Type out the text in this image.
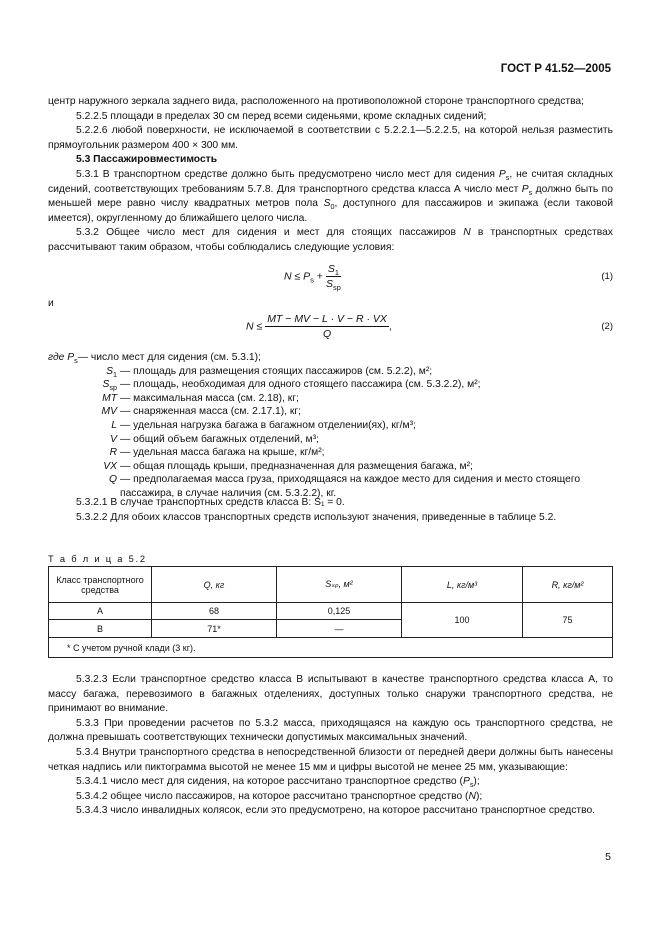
ГОСТ Р 41.52—2005

центр наружного зеркала заднего вида, расположенного на противоположной стороне транспортного средства;

5.2.2.5 площади в пределах 30 см перед всеми сиденьями, кроме складных сидений;

5.2.2.6 любой поверхности, не исключаемой в соответствии с 5.2.2.1—5.2.2.5, на которой нельзя разместить прямоугольник размером 400 × 300 мм.

5.3 Пассажировместимость

5.3.1 В транспортном средстве должно быть предусмотрено число мест для сидения $P_s$, не считая складных сидений, соответствующих требованиям 5.7.8. Для транспортного средства класса А число мест $P_s$ должно быть по меньшей мере равно числу квадратных метров пола $S_0$, доступного для пассажиров и экипажа (если таковой имеется), округленному до ближайшего целого числа.

5.3.2 Общее число мест для сидения и мест для стоящих пассажиров N в транспортных средствах рассчитывают таким образом, чтобы соблюдались следующие условия:

$N \le P_s + \frac{S_1}{S_{sp}}$	(1)
и
$N \le \frac{MT - MV - L \cdot V - R \cdot VX}{Q}$ ,	(2)
где $P_s$ — число мест для сидения (см. 5.3.1);
$S_1$ — площадь для размещения стоящих пассажиров (см. 5.2.2), м²;
$S_{sp}$ — площадь, необходимая для одного стоящего пассажира (см. 5.3.2.2), м²;
MT — максимальная масса (см. 2.18), кг;
MV — снаряженная масса (см. 2.17.1), кг;
L — удельная нагрузка багажа в багажном отделении(ях), кг/м³;
V — общий объем багажных отделений, м³;
R — удельная масса багажа на крыше, кг/м²;
VX — общая площадь крыши, предназначенная для размещения багажа, м²;
Q — предполагаемая масса груза, приходящаяся на каждое место для сидения и место стоящего пассажира, в случае наличия (см. 5.3.2.2), кг.

5.3.2.1 В случае транспортных средств класса В: S₁ = 0.

5.3.2.2 Для обоих классов транспортных средств используют значения, приведенные в таблице 5.2.

Т а б л и ц а 5.2
Класс транспортного средства	Q, кг	Sₛₚ, м²	L, кг/м³	R, кг/м²
А	68	0,125	100	75
В	71*	—		
* С учетом ручной клади (3 кг).				

5.3.2.3 Если транспортное средство класса В испытывают в качестве транспортного средства класса А, то массу багажа, перевозимого в багажных отделениях, доступных только снаружи транспортного средства, не принимают во внимание.

5.3.3 При проведении расчетов по 5.3.2 масса, приходящаяся на каждую ось транспортного средства, не должна превышать соответствующих технически допустимых максимальных значений.

5.3.4 Внутри транспортного средства в непосредственной близости от передней двери должны быть нанесены четкая надпись или пиктограмма высотой не менее 15 мм и цифры высотой не менее 25 мм, указывающие:

5.3.4.1 число мест для сидения, на которое рассчитано транспортное средство $(P_s)$;

5.3.4.2 общее число пассажиров, на которое рассчитано транспортное средство (N);

5.3.4.3 число инвалидных колясок, если это предусмотрено, на которое рассчитано транспортное средство.

5
